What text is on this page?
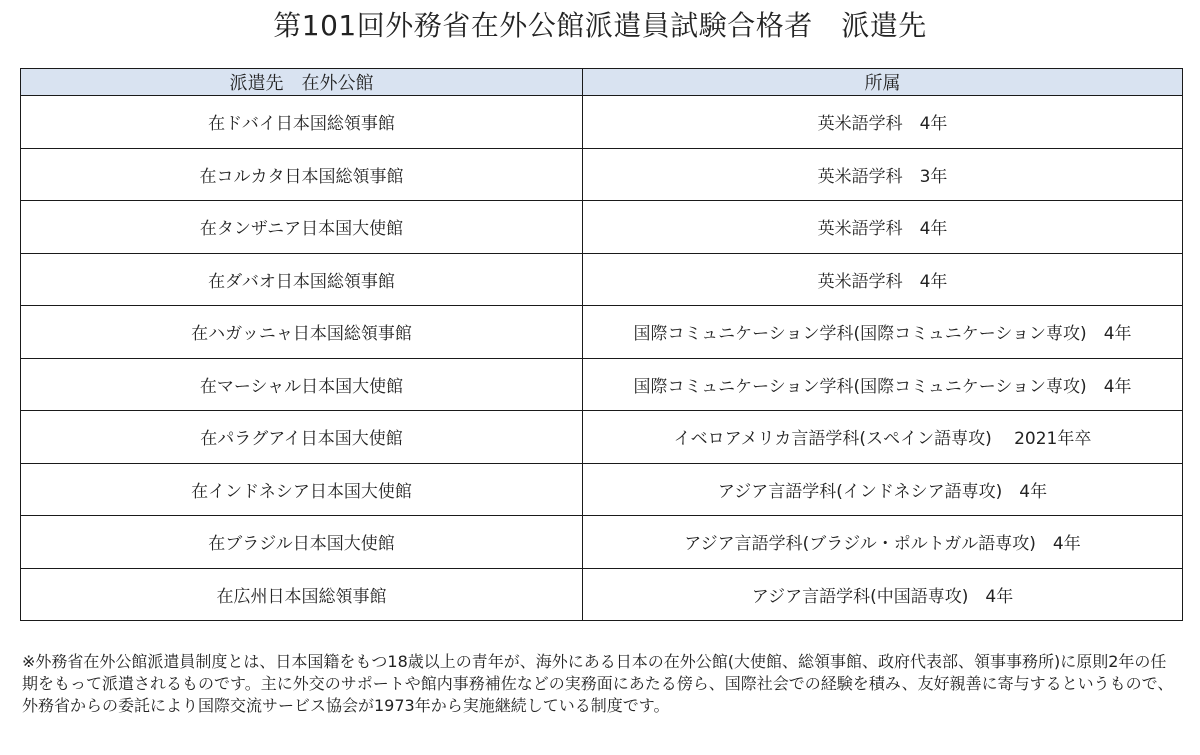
第101回外務省在外公館派遣員試験合格者　派遣先
派遣先　在外公館	所属
在ドバイ日本国総領事館	英米語学科　4年
在コルカタ日本国総領事館	英米語学科　3年
在タンザニア日本国大使館	英米語学科　4年
在ダバオ日本国総領事館	英米語学科　4年
在ハガッニャ日本国総領事館	国際コミュニケーション学科(国際コミュニケーション専攻)　4年
在マーシャル日本国大使館	国際コミュニケーション学科(国際コミュニケーション専攻)　4年
在パラグアイ日本国大使館	イベロアメリカ言語学科(スペイン語専攻)　 2021年卒
在インドネシア日本国大使館	アジア言語学科(インドネシア語専攻)　4年
在ブラジル日本国大使館	アジア言語学科(ブラジル・ポルトガル語専攻)　4年
在広州日本国総領事館	アジア言語学科(中国語専攻)　4年
※外務省在外公館派遣員制度とは、日本国籍をもつ18歳以上の青年が、海外にある日本の在外公館(大使館、総領事館、政府代表部、領事事務所)に原則2年の任期をもって派遣されるものです。主に外交のサポートや館内事務補佐などの実務面にあたる傍ら、国際社会での経験を積み、友好親善に寄与するというもので、外務省からの委託により国際交流サービス協会が1973年から実施継続している制度です。
